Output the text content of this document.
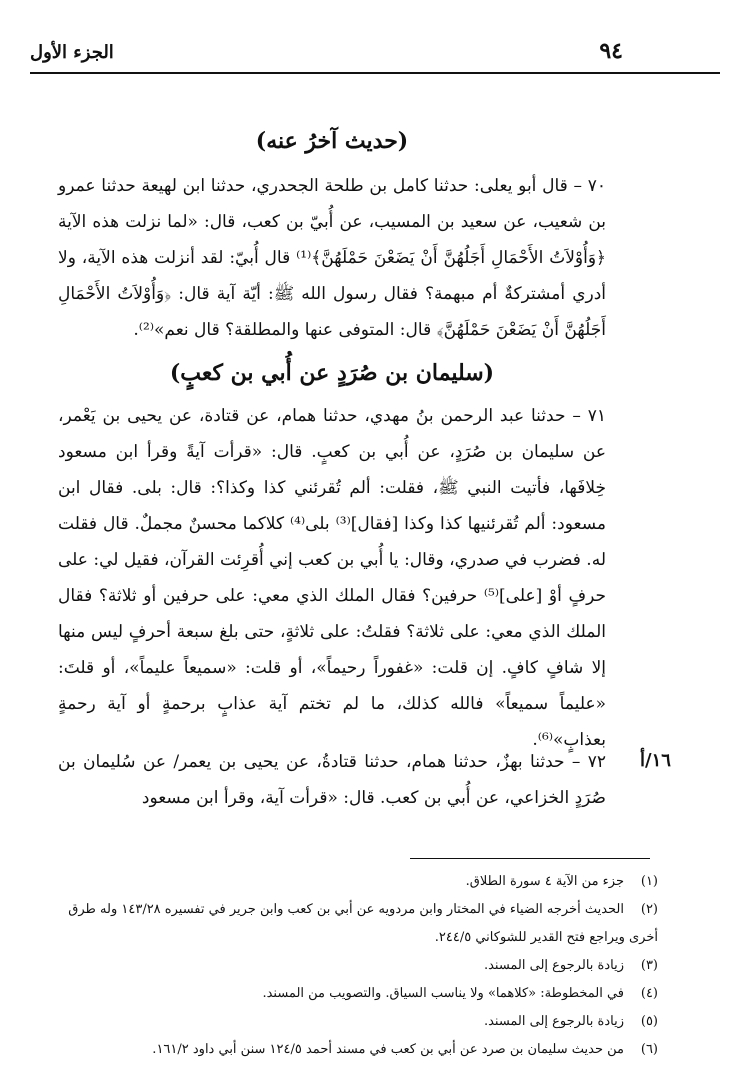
الجزء الأول	٩٤
(حديث آخرُ عنه)

٧٠ – قال أبو يعلى: حدثنا كامل بن طلحة الجحدري، حدثنا ابن لهيعة حدثنا عمرو بن شعيب، عن سعيد بن المسيب، عن أُبيّ بن كعب، قال: «لما نزلت هذه الآية ﴿وَأُوْلاَتُ الأَحْمَالِ أَجَلُهُنَّ أَنْ يَضَعْنَ حَمْلَهُنَّ﴾⁽¹⁾ قال أُبيّ: لقد أنزلت هذه الآية، ولا أدري أمشتركةٌ أم مبهمة؟ فقال رسول الله ﷺ: أيّة آية قال: ﴿وَأُوْلاَتُ الأَحْمَالِ أَجَلُهُنَّ أَنْ يَضَعْنَ حَمْلَهُنَّ﴾ قال: المتوفى عنها والمطلقة؟ قال نعم»⁽²⁾.

(سليمان بن صُرَدٍ عن أُبي بن كعبٍ)

٧١ – حدثنا عبد الرحمن بنُ مهدي، حدثنا همام، عن قتادة، عن يحيى بن يَعْمر، عن سليمان بن صُرَدٍ، عن أُبي بن كعبٍ. قال: «قرأت آيةً وقرأ ابن مسعود خِلافَها، فأتيت النبي ﷺ، فقلت: ألم تُقرئني كذا وكذا؟: قال: بلى. فقال ابن مسعود: ألم تُقرئنيها كذا وكذا [فقال]⁽³⁾ بلى⁽⁴⁾ كلاكما محسنٌ مجملٌ. قال فقلت له. فضرب في صدري، وقال: يا أُبي بن كعب إني أُقرِئت القرآن، فقيل لي: على حرفٍ أوْ [على]⁽⁵⁾ حرفين؟ فقال الملك الذي معي: على حرفين أو ثلاثة؟ فقال الملك الذي معي: على ثلاثة؟ فقلتُ: على ثلاثةٍ، حتى بلغ سبعة أحرفٍ ليس منها إلا شافٍ كافٍ. إن قلت: «غفوراً رحيماً»، أو قلت: «سميعاً عليماً»، أو قلتَ: «عليماً سميعاً» فالله كذلك، ما لم تختم آية عذابٍ برحمةٍ أو آية رحمةٍ بعذابٍ»⁽⁶⁾.

٧٢ – حدثنا بهزٌ، حدثنا همام، حدثنا قتادةُ، عن يحيى بن يعمر/ عن سُليمان بن صُرَدٍ الخزاعي، عن أُبي بن كعب. قال: «قرأت آية، وقرأ ابن مسعود

١٦/أ
(١)جزء من الآية ٤ سورة الطلاق.
(٢)الحديث أخرجه الضياء في المختار وابن مردويه عن أبي بن كعب وابن جرير في تفسيره ١٤٣/٢٨ وله طرق أخرى ويراجع فتح القدير للشوكاني ٢٤٤/٥.
(٣)زيادة بالرجوع إلى المسند.
(٤)في المخطوطة: «كلاهما» ولا يناسب السياق. والتصويب من المسند.
(٥)زيادة بالرجوع إلى المسند.
(٦)من حديث سليمان بن صرد عن أبي بن كعب في مسند أحمد ١٢٤/٥ سنن أبي داود ١٦١/٢.
